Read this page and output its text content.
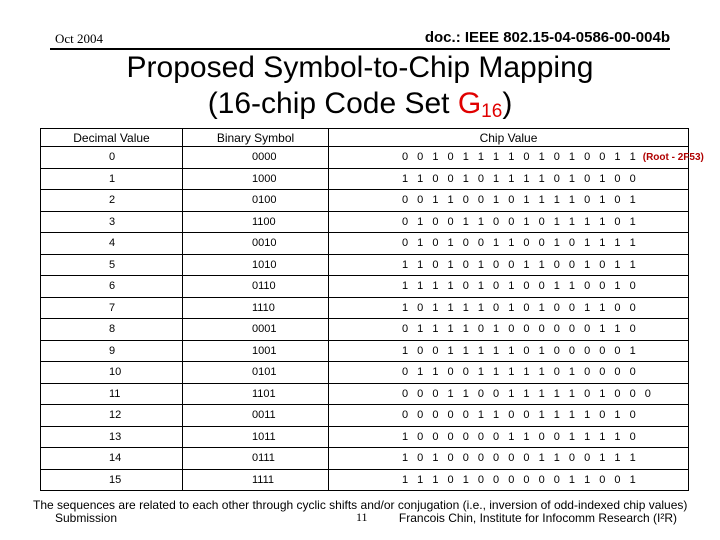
Oct 2004	doc.: IEEE 802.15-04-0586-00-004b
Proposed Symbol-to-Chip Mapping
(16-chip Code Set $G_{16}$)
Decimal Value	Binary Symbol	Chip Value
0	0000	0 0 1 0 1 1 1 1 0 1 0 1 0 0 1 1 (Root - 2F53)
1	1000	1 1 0 0 1 0 1 1 1 1 0 1 0 1 0 0
2	0100	0 0 1 1 0 0 1 0 1 1 1 1 0 1 0 1
3	1100	0 1 0 0 1 1 0 0 1 0 1 1 1 1 0 1
4	0010	0 1 0 1 0 0 1 1 0 0 1 0 1 1 1 1
5	1010	1 1 0 1 0 1 0 0 1 1 0 0 1 0 1 1
6	0110	1 1 1 1 0 1 0 1 0 0 1 1 0 0 1 0
7	1110	1 0 1 1 1 1 0 1 0 1 0 0 1 1 0 0
8	0001	0 1 1 1 1 0 1 0 0 0 0 0 0 1 1 0
9	1001	1 0 0 1 1 1 1 1 0 1 0 0 0 0 0 1
10	0101	0 1 1 0 0 1 1 1 1 1 0 1 0 0 0 0
11	1101	0 0 0 1 1 0 0 1 1 1 1 1 0 1 0 0 0
12	0011	0 0 0 0 0 1 1 0 0 1 1 1 1 0 1 0
13	1011	1 0 0 0 0 0 0 1 1 0 0 1 1 1 1 0
14	0111	1 0 1 0 0 0 0 0 0 1 1 0 0 1 1 1
15	1111	1 1 1 0 1 0 0 0 0 0 0 1 1 0 0 1
The sequences are related to each other through cyclic shifts and/or conjugation (i.e., inversion of odd-indexed chip values)
Submission	11	Francois Chin, Institute for Infocomm Research (I²R)
